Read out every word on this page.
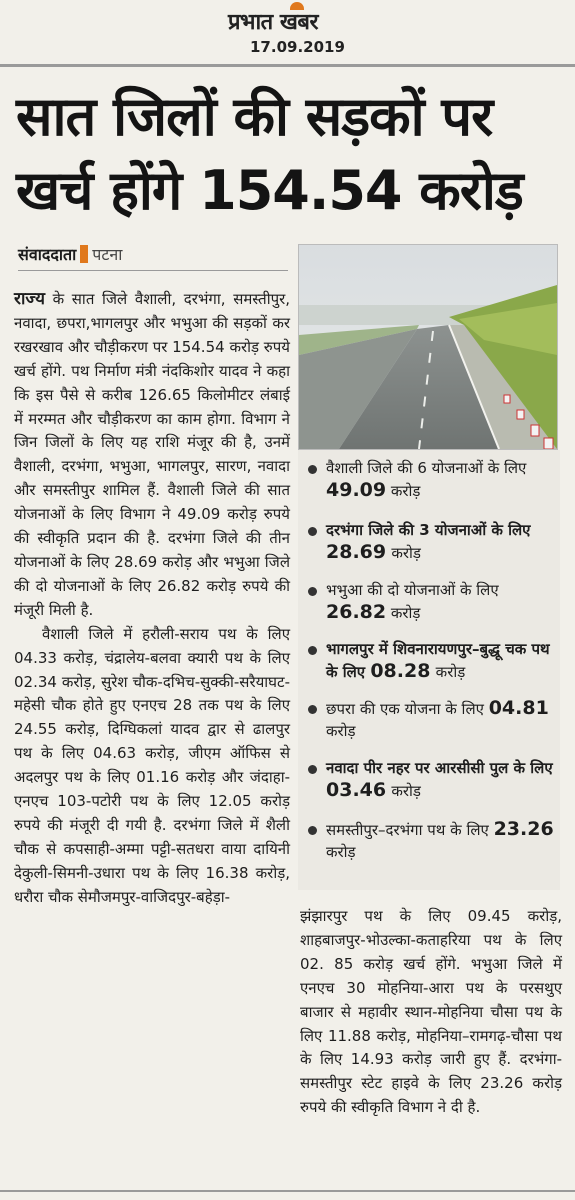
प्रभात खबर
17.09.2019
सात जिलों की सड़कों पर
खर्च होंगे 154.54 करोड़
संवाददाता पटना

राज्य के सात जिले वैशाली, दरभंगा, समस्तीपुर, नवादा, छपरा,भागलपुर और भभुआ की सड़कों कर रखरखाव और चौड़ीकरण पर 154.54 करोड़ रुपये खर्च होंगे. पथ निर्माण मंत्री नंदकिशोर यादव ने कहा कि इस पैसे से करीब 126.65 किलोमीटर लंबाई में मरम्मत और चौड़ीकरण का काम होगा. विभाग ने जिन जिलों के लिए यह राशि मंजूर की है, उनमें वैशाली, दरभंगा, भभुआ, भागलपुर, सारण, नवादा और समस्तीपुर शामिल हैं. वैशाली जिले की सात योजनाओं के लिए विभाग ने 49.09 करोड़ रुपये की स्वीकृति प्रदान की है. दरभंगा जिले की तीन योजनाओं के लिए 28.69 करोड़ और भभुआ जिले की दो योजनाओं के लिए 26.82 करोड़ रुपये की मंजूरी मिली है.

वैशाली जिले में हरौली-सराय पथ के लिए 04.33 करोड़, चंद्रालेय-बलवा क्यारी पथ के लिए 02.34 करोड़, सुरेश चौक-दभिच-सुक्की-सरैयाघट-महेसी चौक होते हुए एनएच 28 तक पथ के लिए 24.55 करोड़, दिग्घिकलां यादव द्वार से ढालपुर पथ के लिए 04.63 करोड़, जीएम ऑफिस से अदलपुर पथ के लिए 01.16 करोड़ और जंदाहा-एनएच 103-पटोरी पथ के लिए 12.05 करोड़ रुपये की मंजूरी दी गयी है. दरभंगा जिले में शैली चौक से कपसाही-अम्मा पट्टी-सतधरा वाया दायिनी देकुली-सिमनी-उधारा पथ के लिए 16.38 करोड़, धरौरा चौक सेमौजमपुर-वाजिदपुर-बहेड़ा-

वैशाली जिले की 6 योजनाओं के लिए 49.09 करोड़
दरभंगा जिले की 3 योजनाओं के लिए 28.69 करोड़
भभुआ की दो योजनाओं के लिए 26.82 करोड़
भागलपुर में शिवनारायणपुर–बुद्धू चक पथ के लिए 08.28 करोड़
छपरा की एक योजना के लिए 04.81 करोड़
नवादा पीर नहर पर आरसीसी पुल के लिए 03.46 करोड़
समस्तीपुर–दरभंगा पथ के लिए 23.26 करोड़

झंझारपुर पथ के लिए 09.45 करोड़, शाहबाजपुर-भोउल्का-कताहरिया पथ के लिए 02. 85 करोड़ खर्च होंगे. भभुआ जिले में एनएच 30 मोहनिया-आरा पथ के परसथुए बाजार से महावीर स्थान-मोहनिया चौसा पथ के लिए 11.88 करोड़, मोहनिया–रामगढ़-चौसा पथ के लिए 14.93 करोड़ जारी हुए हैं. दरभंगा-समस्तीपुर स्टेट हाइवे के लिए 23.26 करोड़ रुपये की स्वीकृति विभाग ने दी है.
